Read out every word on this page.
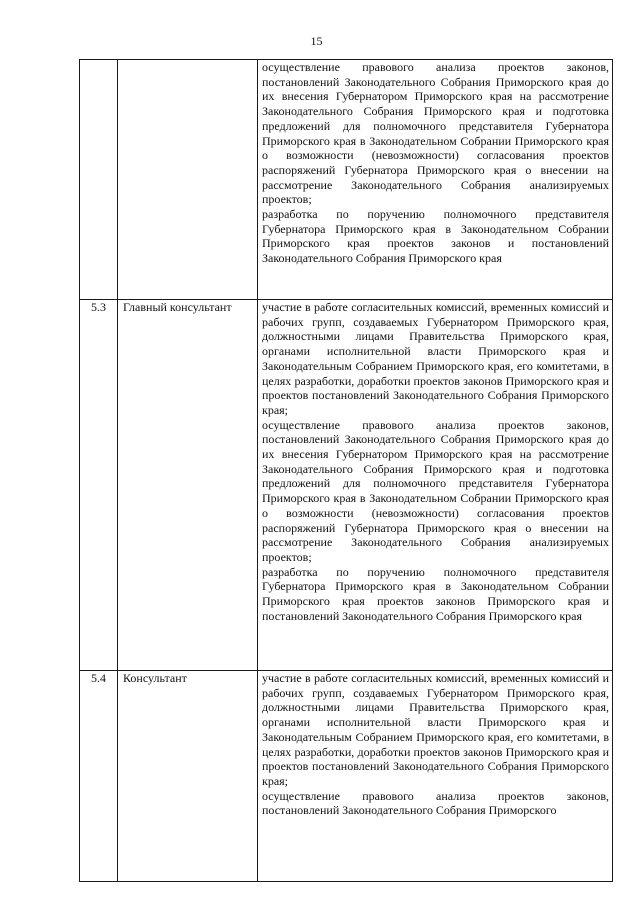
15

		осуществление правового анализа проектов законов, постановлений Законодательного Собрания Приморского края до их внесения Губернатором Приморского края на рассмотрение Законодательного Собрания Приморского края и подготовка предложений для полномочного представителя Губернатора Приморского края в Законодательном Собрании Приморского края о возможности (невозможности) согласования проектов распоряжений Губернатора Приморского края о внесении на рассмотрение Законодательного Собрания анализируемых проектов;
разработка по поручению полномочного представителя Губернатора Приморского края в Законодательном Собрании Приморского края проектов законов и постановлений Законодательного Собрания Приморского края

5.3	Главный консультант	участие в работе согласительных комиссий, временных комиссий и рабочих групп, создаваемых Губернатором Приморского края, должностными лицами Правительства Приморского края, органами исполнительной власти Приморского края и Законодательным Собранием Приморского края, его комитетами, в целях разработки, доработки проектов законов Приморского края и проектов постановлений Законодательного Собрания Приморского края;
осуществление правового анализа проектов законов, постановлений Законодательного Собрания Приморского края до их внесения Губернатором Приморского края на рассмотрение Законодательного Собрания Приморского края и подготовка предложений для полномочного представителя Губернатора Приморского края в Законодательном Собрании Приморского края о возможности (невозможности) согласования проектов распоряжений Губернатора Приморского края о внесении на рассмотрение Законодательного Собрания анализируемых проектов;
разработка по поручению полномочного представителя Губернатора Приморского края в Законодательном Собрании Приморского края проектов законов Приморского края и постановлений Законодательного Собрания Приморского края

5.4	Консультант	участие в работе согласительных комиссий, временных комиссий и рабочих групп, создаваемых Губернатором Приморского края, должностными лицами Правительства Приморского края, органами исполнительной власти Приморского края и Законодательным Собранием Приморского края, его комитетами, в целях разработки, доработки проектов законов Приморского края и проектов постановлений Законодательного Собрания Приморского края;
осуществление правового анализа проектов законов, постановлений Законодательного Собрания Приморского
